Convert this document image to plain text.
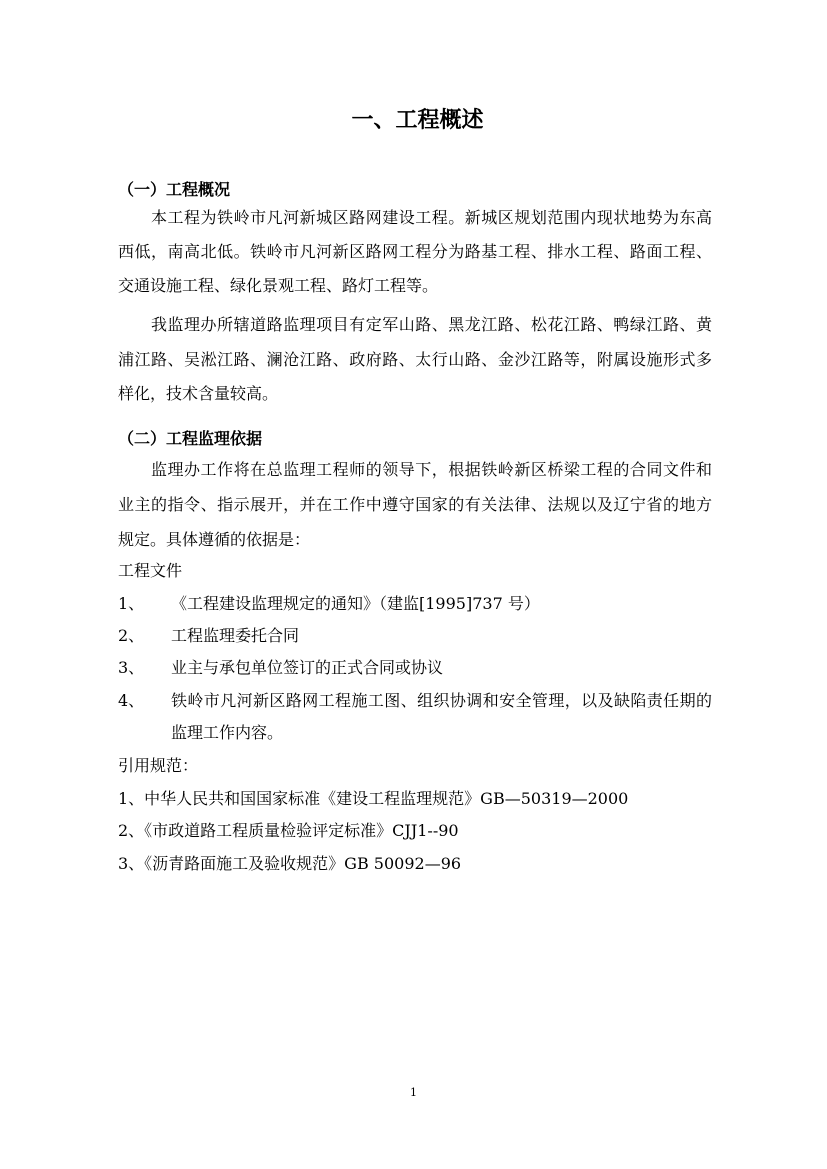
一、工程概述
（一）工程概况
本工程为铁岭市凡河新城区路网建设工程。新城区规划范围内现状地势为东高
西低，南高北低。铁岭市凡河新区路网工程分为路基工程、排水工程、路面工程、
交通设施工程、绿化景观工程、路灯工程等。
我监理办所辖道路监理项目有定军山路、黑龙江路、松花江路、鸭绿江路、黄
浦江路、吴淞江路、澜沧江路、政府路、太行山路、金沙江路等，附属设施形式多
样化，技术含量较高。
（二）工程监理依据
监理办工作将在总监理工程师的领导下，根据铁岭新区桥梁工程的合同文件和
业主的指令、指示展开，并在工作中遵守国家的有关法律、法规以及辽宁省的地方
规定。具体遵循的依据是：
工程文件
1、	《工程建设监理规定的通知》（建监[1995]737 号）
2、	工程监理委托合同
3、	业主与承包单位签订的正式合同或协议
4、	铁岭市凡河新区路网工程施工图、组织协调和安全管理，以及缺陷责任期的
监理工作内容。
引用规范：
1、中华人民共和国国家标准《建设工程监理规范》GB—50319—2000
2、《市政道路工程质量检验评定标准》CJJ1--90
3、《沥青路面施工及验收规范》GB 50092—96
1
